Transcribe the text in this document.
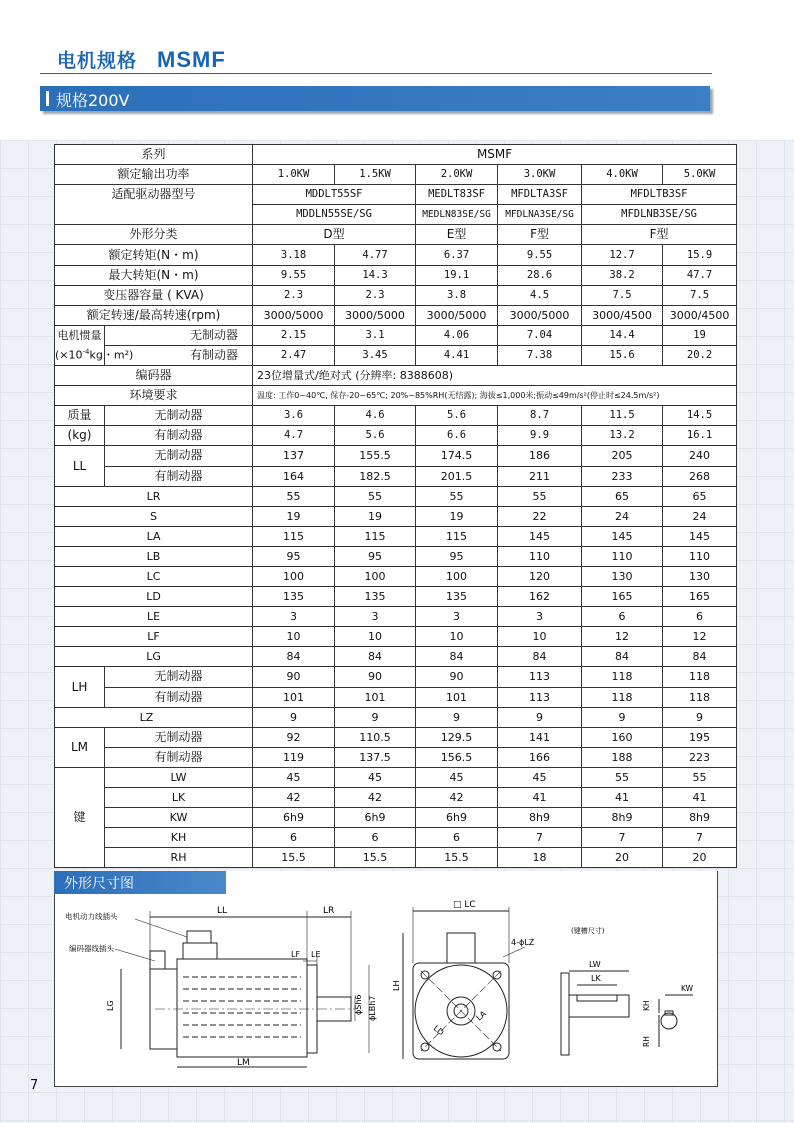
电机规格 MSMF
规格200V
系列		MSMF					
额定输出功率		1.0KW	1.5KW	2.0KW	3.0KW	4.0KW	5.0KW
适配驱动器型号		MDDLT55SF		MEDLT83SF	MFDLTA3SF	MFDLTB3SF	
		MDDLN55SE/SG		MEDLN83SE/SG	MFDLNA3SE/SG	MFDLNB3SE/SG	
外形分类		D型		E型	F型	F型	
额定转矩(N・m)		3.18	4.77	6.37	9.55	12.7	15.9
最大转矩(N・m)		9.55	14.3	19.1	28.6	38.2	47.7
变压器容量 ( KVA)		2.3	2.3	3.8	4.5	7.5	7.5
额定转速/最高转速(rpm)		3000/5000	3000/5000	3000/5000	3000/5000	3000/4500	3000/4500

电机惯量
($\times 10^{-4}kg$・m²)	无制动器	2.15	3.1	4.06	7.04	14.4	19
	有制动器	2.47	3.45	4.41	7.38	15.6	20.2
编码器		23位增量式/绝对式 (分辨率: 8388608)					
环境要求		温度: 工作0~40℃, 保存-20~65℃; 20%~85%RH(无结露); 海拔≤1,000米;振动≤49m/s²(停止时≤24.5m/s²)					
质量	无制动器	3.6	4.6	5.6	8.7	11.5	14.5
(kg)	有制动器	4.7	5.6	6.6	9.9	13.2	16.1
LL	无制动器	137	155.5	174.5	186	205	240
	有制动器	164	182.5	201.5	211	233	268
LR		55	55	55	55	65	65
S		19	19	19	22	24	24
LA		115	115	115	145	145	145
LB		95	95	95	110	110	110
LC		100	100	100	120	130	130
LD		135	135	135	162	165	165
LE		3	3	3	3	6	6
LF		10	10	10	10	12	12
LG		84	84	84	84	84	84
LH	无制动器	90	90	90	113	118	118
	有制动器	101	101	101	113	118	118
LZ		9	9	9	9	9	9
LM	无制动器	92	110.5	129.5	141	160	195
	有制动器	119	137.5	156.5	166	188	223
键	LW	45	45	45	45	55	55
	LK	42	42	42	41	41	41
	KW	6h9	6h9	6h9	8h9	8h9	8h9
	KH	6	6	6	7	7	7
	RH	15.5	15.5	15.5	18	20	20
电机动力线插头
编码器线插头
LL	LR
LF LE
LG
LM
ϕSh6 ϕLBh7
□ LC
LH
4-ϕLZ
LD
LA
(键槽尺寸)
LW
LK
KH
KW
RH
外形尺寸图
7
